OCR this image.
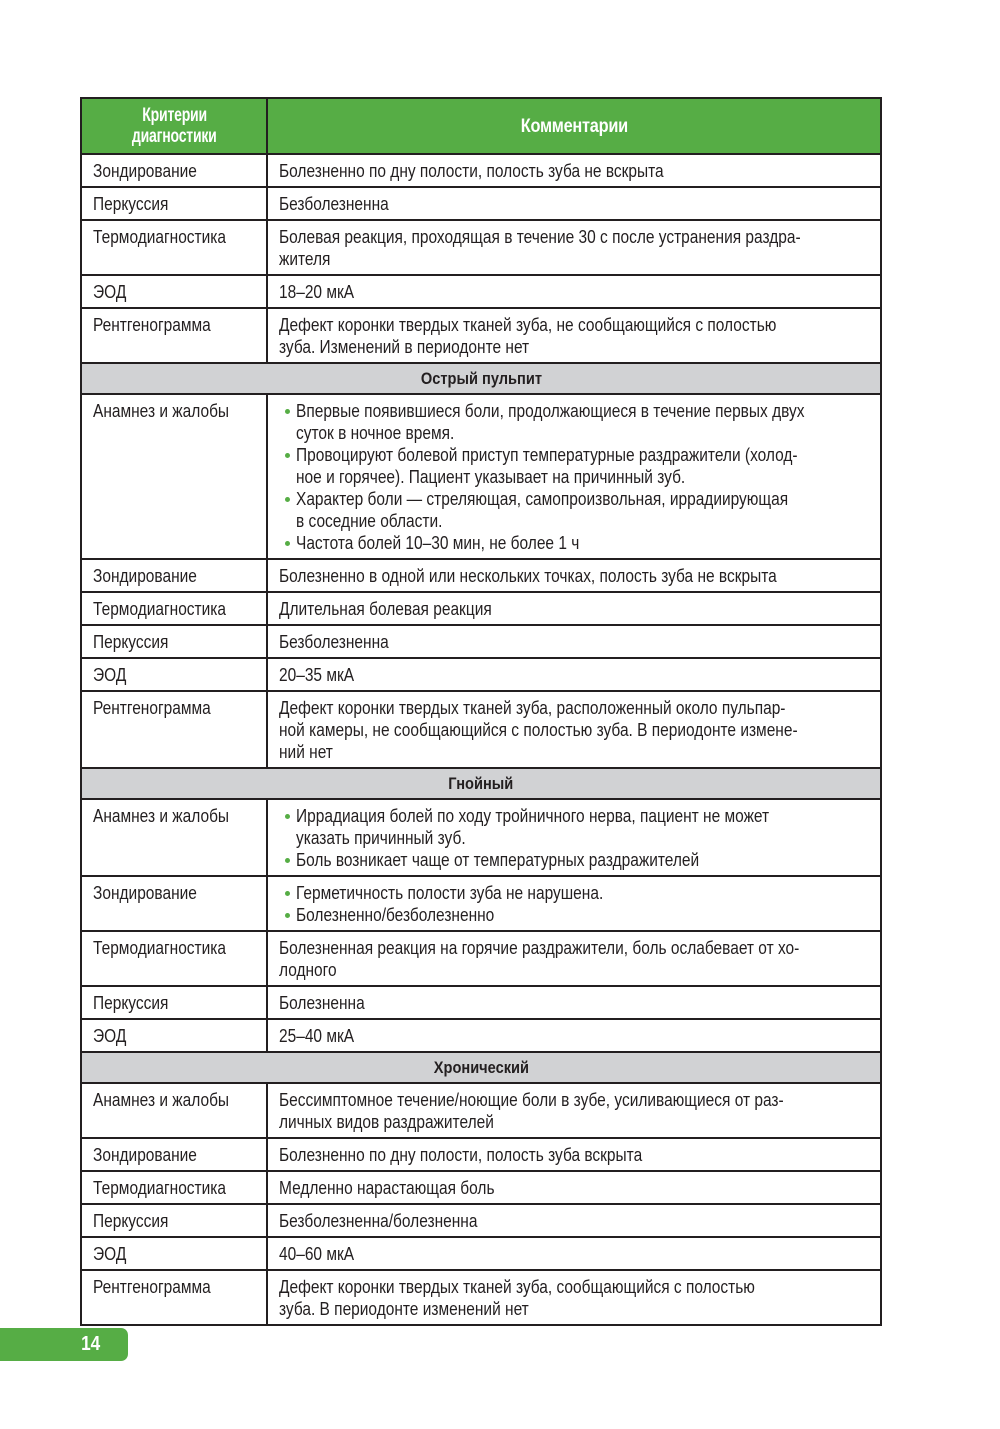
Критерии
диагностики	Комментарии
Зондирование	Болезненно по дну полости, полость зуба не вскрыта

Перкуссия	Безболезненна

Термодиагностика	Болевая реакция, проходящая в течение 30 с после устранения раздра-
жителя

ЭОД	18–20 мкА

Рентгенограмма	Дефект коронки твердых тканей зуба, не сообщающийся с полостью
зуба. Изменений в периодонте нет

Острый пульпит	
Анамнез и жалобы	Впервые появившиеся боли, продолжающиеся в течение первых двух
суток в ночное время.
Провоцируют болевой приступ температурные раздражители (холод-
ное и горячее). Пациент указывает на причинный зуб.
Характер боли — стреляющая, самопроизвольная, иррадиирующая
в соседние области.
Частота болей 10–30 мин, не более 1 ч

Зондирование	Болезненно в одной или нескольких точках, полость зуба не вскрыта

Термодиагностика	Длительная болевая реакция

Перкуссия	Безболезненна

ЭОД	20–35 мкА

Рентгенограмма	Дефект коронки твердых тканей зуба, расположенный около пульпар-
ной камеры, не сообщающийся с полостью зуба. В периодонте измене-
ний нет

Гнойный	
Анамнез и жалобы	Иррадиация болей по ходу тройничного нерва, пациент не может
указать причинный зуб.
Боль возникает чаще от температурных раздражителей

Зондирование	Герметичность полости зуба не нарушена.
Болезненно/безболезненно

Термодиагностика	Болезненная реакция на горячие раздражители, боль ослабевает от хо-
лодного

Перкуссия	Болезненна

ЭОД	25–40 мкА

Хронический	
Анамнез и жалобы	Бессимптомное течение/ноющие боли в зубе, усиливающиеся от раз-
личных видов раздражителей

Зондирование	Болезненно по дну полости, полость зуба вскрыта

Термодиагностика	Медленно нарастающая боль

Перкуссия	Безболезненна/болезненна

ЭОД	40–60 мкА

Рентгенограмма	Дефект коронки твердых тканей зуба, сообщающийся с полостью
зуба. В периодонте изменений нет
14
